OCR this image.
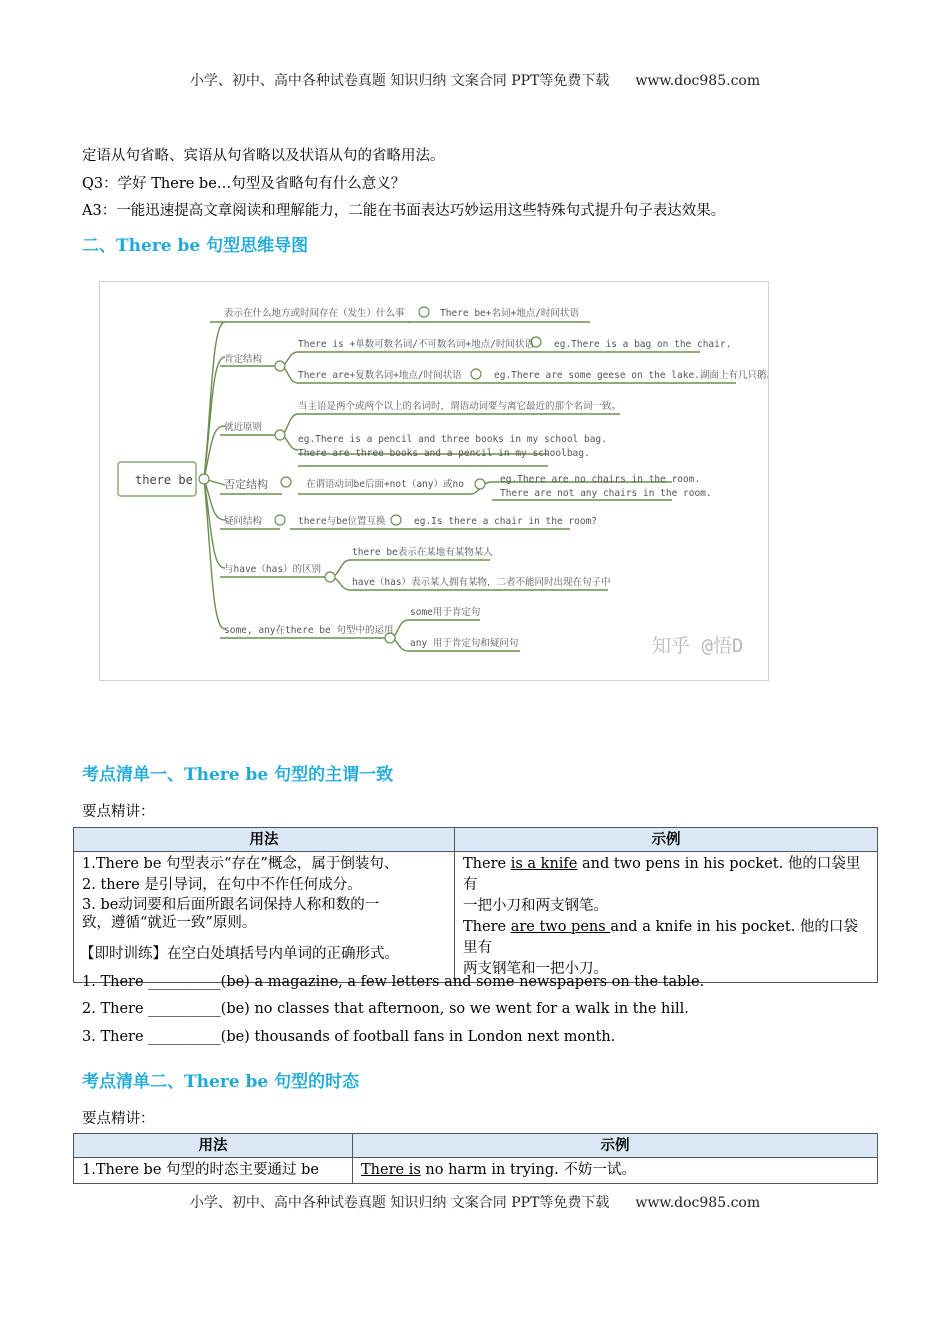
小学、初中、高中各种试卷真题 知识归纳 文案合同 PPT等免费下载 www.doc985.com
定语从句省略、宾语从句省略以及状语从句的省略用法。
Q3：学好 There be…句型及省略句有什么意义？
A3：一能迅速提高文章阅读和理解能力，二能在书面表达巧妙运用这些特殊句式提升句子表达效果。
二、There be 句型思维导图
there be
表示在什么地方或时间存在（发生）什么事	There be+名词+地点/时间状语
肯定结构
There is +单数可数名词/不可数名词+地点/时间状语 eg.There is a bag on the chair.
There are+复数名词+地点/时间状语	eg.There are some geese on the lake.湖面上有几只鹅。
就近原则
当主语是两个或两个以上的名词时，谓语动词要与离它最近的那个名词一致。
eg.There is a pencil and three books in my school bag.
There are three books and a pencil in my schoolbag.
否定结构	在谓语动词be后面+not（any）或no	eg.There are no chairs in the room.
There are not any chairs in the room.
疑问结构	there与be位置互换	eg.Is there a chair in the room?
与have（has）的区别
there be表示在某地有某物某人
have（has）表示某人拥有某物，二者不能同时出现在句子中
some, any在there be 句型中的运用
some用于肯定句
any 用于肯定句和疑问句	知乎 @悟D
考点清单一、There be 句型的主谓一致
要点精讲：
用法	示例

1.There be 句型表示“存在”概念，属于倒装句、
2. there 是引导词，在句中不作任何成分。
3. be动词要和后面所跟名词保持人称和数的一
致，遵循“就近一致”原则。	There is a knife and two pens in his pocket. 他的口袋里有
一把小刀和两支钢笔。
There are two pens and a knife in his pocket. 他的口袋里有
两支钢笔和一把小刀。
【即时训练】在空白处填括号内单词的正确形式。
1. There __________(be) a magazine, a few letters and some newspapers on the table.
2. There __________(be) no classes that afternoon, so we went for a walk in the hill.
3. There __________(be) thousands of football fans in London next month.
考点清单二、There be 句型的时态
要点精讲：
用法	示例
1.There be 句型的时态主要通过 be	There is no harm in trying. 不妨一试。
小学、初中、高中各种试卷真题 知识归纳 文案合同 PPT等免费下载 www.doc985.com
